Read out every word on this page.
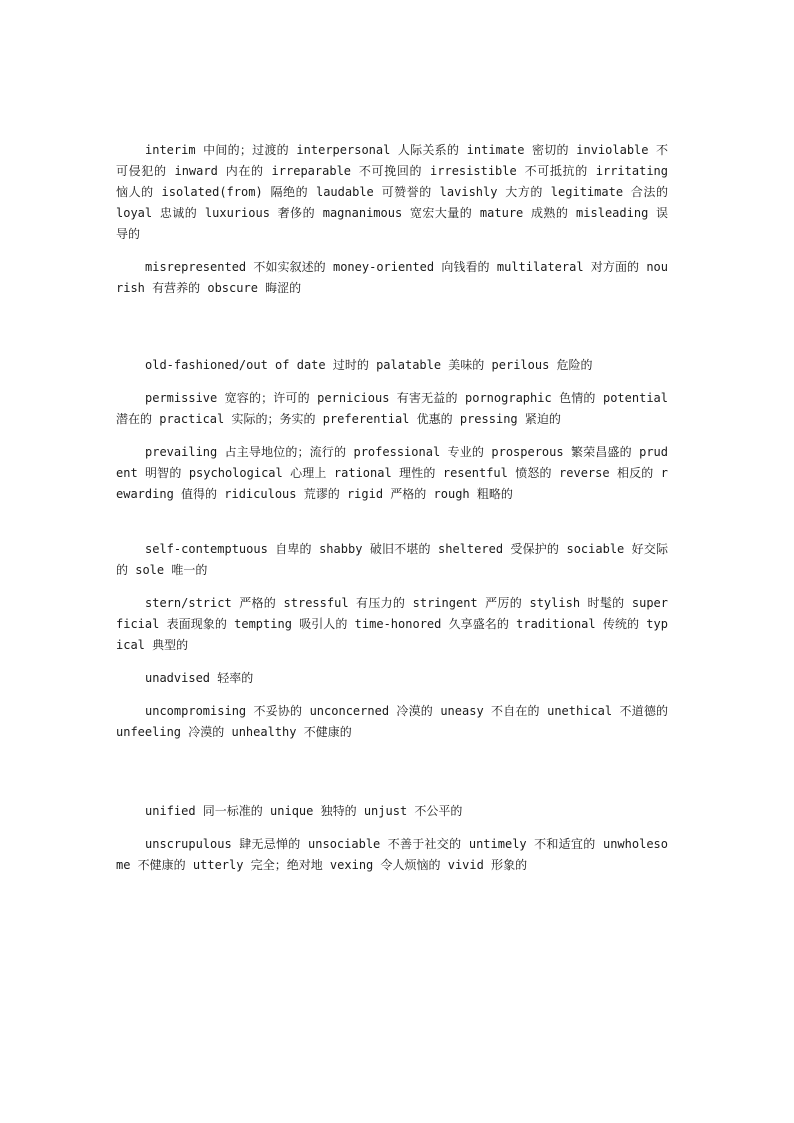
interim 中间的；过渡的 interpersonal 人际关系的 intimate 密切的 inviolable 不可侵犯的 inward 内在的 irreparable 不可挽回的 irresistible 不可抵抗的 irritating 恼人的 isolated(from) 隔绝的 laudable 可赞誉的 lavishly 大方的 legitimate 合法的 loyal 忠诚的 luxurious 奢侈的 magnanimous 宽宏大量的 mature 成熟的 misleading 误导的

misrepresented 不如实叙述的 money-oriented 向钱看的 multilateral 对方面的 nourish 有营养的 obscure 晦涩的

old-fashioned/out of date 过时的 palatable 美味的 perilous 危险的

permissive 宽容的；许可的 pernicious 有害无益的 pornographic 色情的 potential 潜在的 practical 实际的；务实的 preferential 优惠的 pressing 紧迫的

prevailing 占主导地位的；流行的 professional 专业的 prosperous 繁荣昌盛的 prudent 明智的 psychological 心理上 rational 理性的 resentful 愤怒的 reverse 相反的 rewarding 值得的 ridiculous 荒谬的 rigid 严格的 rough 粗略的

self-contemptuous 自卑的 shabby 破旧不堪的 sheltered 受保护的 sociable 好交际的 sole 唯一的

stern/strict 严格的 stressful 有压力的 stringent 严厉的 stylish 时髦的 superficial 表面现象的 tempting 吸引人的 time-honored 久享盛名的 traditional 传统的 typical 典型的

unadvised 轻率的

uncompromising 不妥协的 unconcerned 冷漠的 uneasy 不自在的 unethical 不道德的 unfeeling 冷漠的 unhealthy 不健康的

unified 同一标准的 unique 独特的 unjust 不公平的

unscrupulous 肆无忌惮的 unsociable 不善于社交的 untimely 不和适宜的 unwholesome 不健康的 utterly 完全；绝对地 vexing 令人烦恼的 vivid 形象的
